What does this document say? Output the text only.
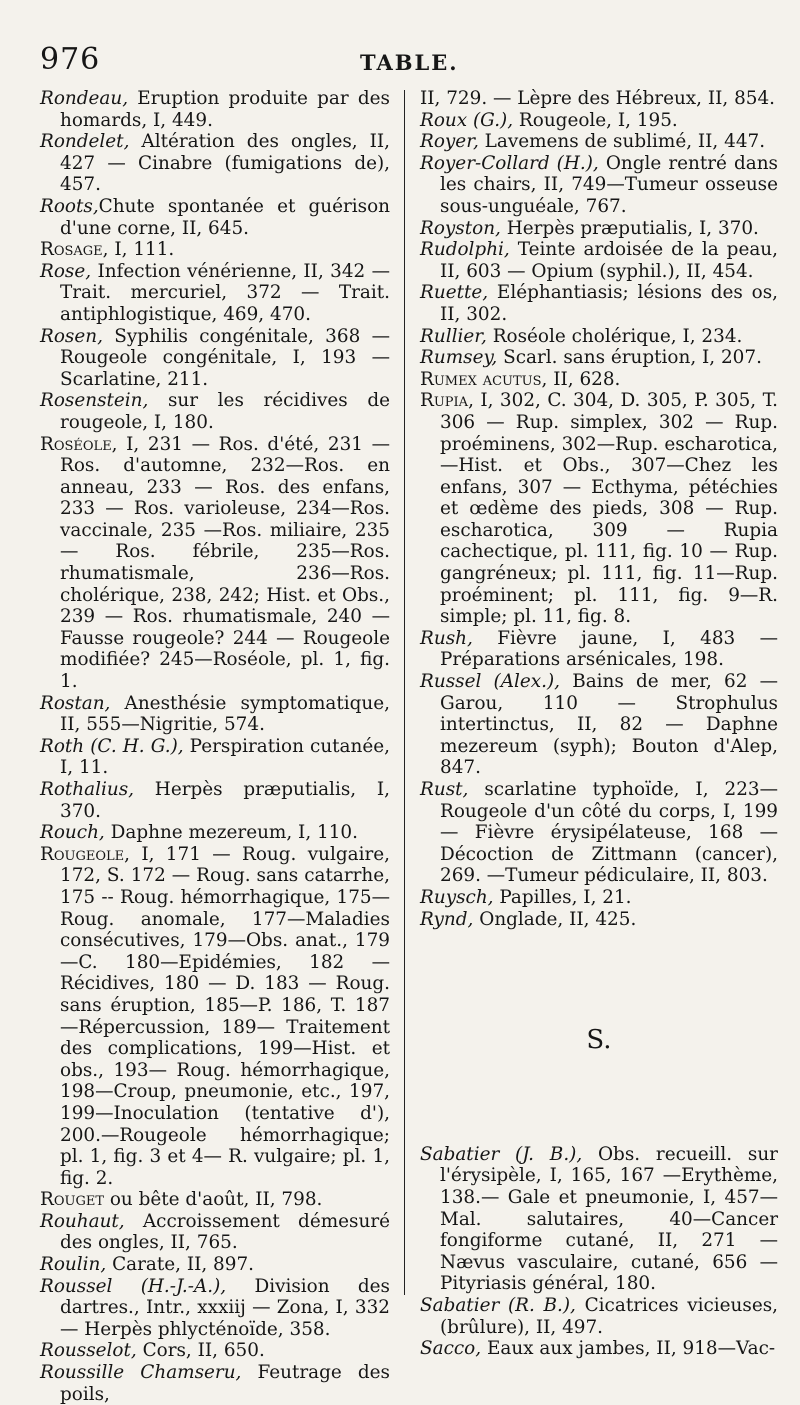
976	TABLE.
Rondeau, Eruption produite par des homards, I, 449.
Rondelet, Altération des ongles, II, 427 — Cinabre (fumigations de), 457.
Roots,Chute spontanée et guérison d'une corne, II, 645.
Rosage, I, 111.
Rose, Infection vénérienne, II, 342 — Trait. mercuriel, 372 — Trait. antiphlogistique, 469, 470.
Rosen, Syphilis congénitale, 368 — Rougeole congénitale, I, 193 — Scarlatine, 211.
Rosenstein, sur les récidives de rougeole, I, 180.
Roséole, I, 231 — Ros. d'été, 231 — Ros. d'automne, 232—Ros. en anneau, 233 — Ros. des enfans, 233 — Ros. varioleuse, 234—Ros. vaccinale, 235 —Ros. miliaire, 235 — Ros. fébrile, 235—Ros. rhumatismale, 236—Ros. cholérique, 238, 242; Hist. et Obs., 239 — Ros. rhumatismale, 240 — Fausse rougeole? 244 — Rougeole modifiée? 245—Roséole, pl. 1, fig. 1.
Rostan, Anesthésie symptomatique, II, 555—Nigritie, 574.
Roth (C. H. G.), Perspiration cutanée, I, 11.
Rothalius, Herpès præputialis, I, 370.
Rouch, Daphne mezereum, I, 110.
Rougeole, I, 171 — Roug. vulgaire, 172, S. 172 — Roug. sans catarrhe, 175 -- Roug. hémorrhagique, 175— Roug. anomale, 177—Maladies consécutives, 179—Obs. anat., 179—C. 180—Epidémies, 182 — Récidives, 180 — D. 183 — Roug. sans éruption, 185—P. 186, T. 187 —Répercussion, 189— Traitement des complications, 199—Hist. et obs., 193— Roug. hémorrhagique, 198—Croup, pneumonie, etc., 197, 199—Inoculation (tentative d'), 200.—Rougeole hémorrhagique; pl. 1, fig. 3 et 4— R. vulgaire; pl. 1, fig. 2.
Rouget ou bête d'août, II, 798.
Rouhaut, Accroissement démesuré des ongles, II, 765.
Roulin, Carate, II, 897.
Roussel (H.-J.-A.), Division des dartres., Intr., xxxiij — Zona, I, 332 — Herpès phlycténoïde, 358.
Rousselot, Cors, II, 650.
Roussille Chamseru, Feutrage des poils,
II, 729. — Lèpre des Hébreux, II, 854.
Roux (G.), Rougeole, I, 195.
Royer, Lavemens de sublimé, II, 447.
Royer-Collard (H.), Ongle rentré dans les chairs, II, 749—Tumeur osseuse sous-unguéale, 767.
Royston, Herpès præputialis, I, 370.
Rudolphi, Teinte ardoisée de la peau, II, 603 — Opium (syphil.), II, 454.
Ruette, Eléphantiasis; lésions des os, II, 302.
Rullier, Roséole cholérique, I, 234.
Rumsey, Scarl. sans éruption, I, 207.
Rumex acutus, II, 628.
Rupia, I, 302, C. 304, D. 305, P. 305, T. 306 — Rup. simplex, 302 — Rup. proéminens, 302—Rup. escharotica, —Hist. et Obs., 307—Chez les enfans, 307 — Ecthyma, pétéchies et œdème des pieds, 308 — Rup. escharotica, 309 — Rupia cachectique, pl. 111, fig. 10 — Rup. gangréneux; pl. 111, fig. 11—Rup. proéminent; pl. 111, fig. 9—R. simple; pl. 11, fig. 8.
Rush, Fièvre jaune, I, 483 — Préparations arsénicales, 198.
Russel (Alex.), Bains de mer, 62 — Garou, 110 — Strophulus intertinctus, II, 82 — Daphne mezereum (syph); Bouton d'Alep, 847.
Rust, scarlatine typhoïde, I, 223—Rougeole d'un côté du corps, I, 199— Fièvre érysipélateuse, 168 —Décoction de Zittmann (cancer), 269. —Tumeur pédiculaire, II, 803.
Ruysch, Papilles, I, 21.
Rynd, Onglade, II, 425.
S.
Sabatier (J. B.), Obs. recueill. sur l'érysipèle, I, 165, 167 —Erythème, 138.— Gale et pneumonie, I, 457— Mal. salutaires, 40—Cancer fongiforme cutané, II, 271 — Nævus vasculaire, cutané, 656 — Pityriasis général, 180.
Sabatier (R. B.), Cicatrices vicieuses, (brûlure), II, 497.
Sacco, Eaux aux jambes, II, 918—Vac-
